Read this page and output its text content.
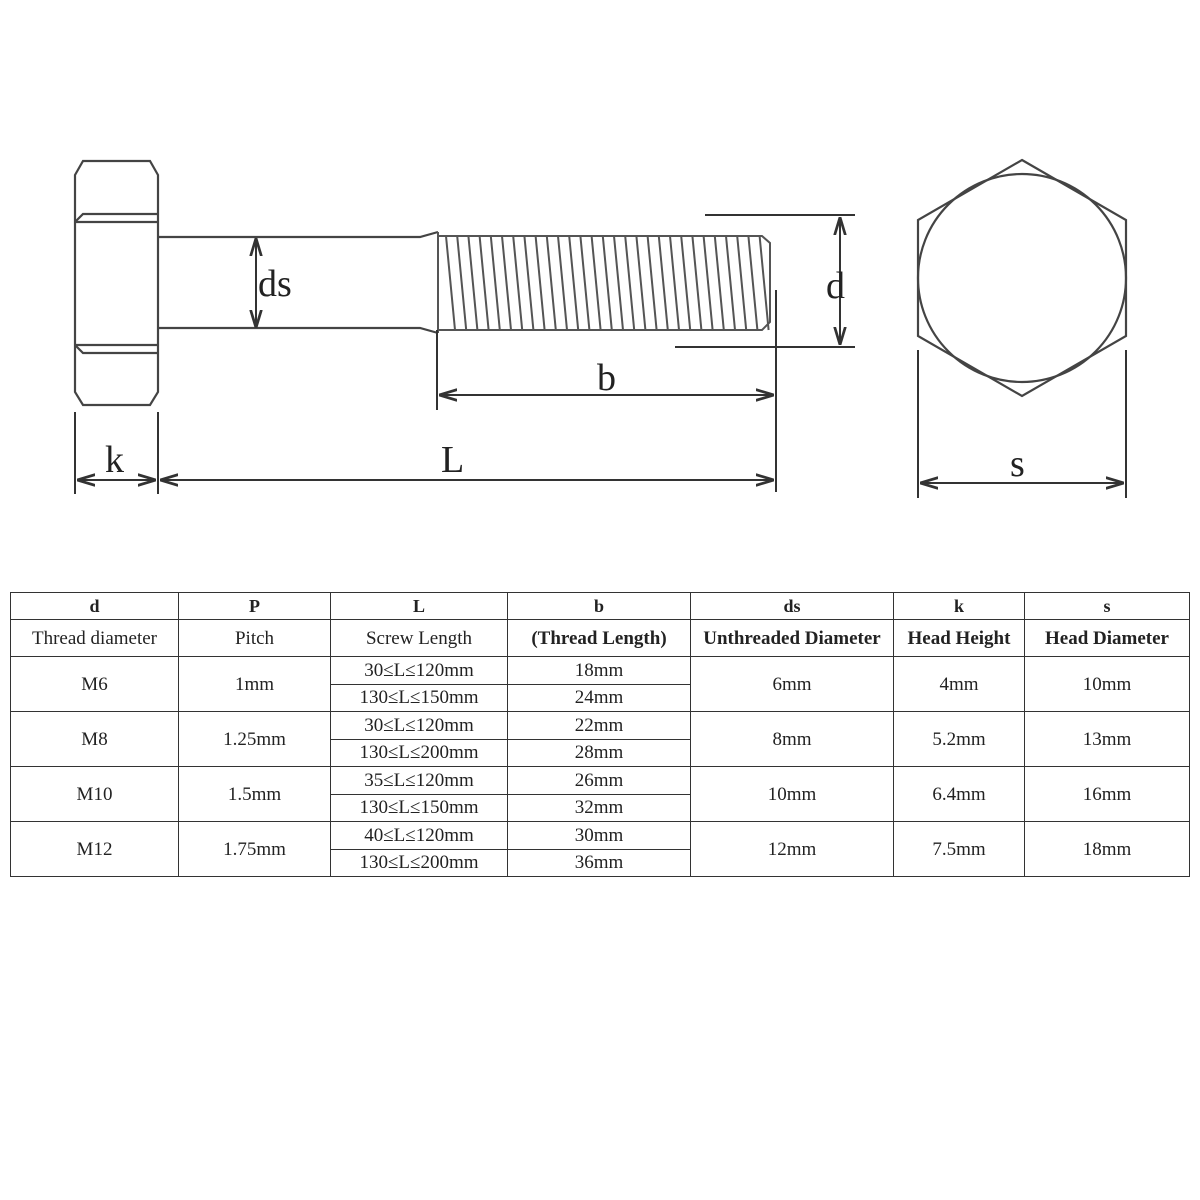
ds	d
b
k	L	s
d	P	L	b	ds	k	s
Thread diameter	Pitch	Screw Length	(Thread Length)	Unthreaded Diameter	Head Height	Head Diameter
M6	1mm	30≤L≤120mm	18mm	6mm	4mm	10mm
		130≤L≤150mm	24mm			
M8	1.25mm	30≤L≤120mm	22mm	8mm	5.2mm	13mm
		130≤L≤200mm	28mm			
M10	1.5mm	35≤L≤120mm	26mm	10mm	6.4mm	16mm
		130≤L≤150mm	32mm			
M12	1.75mm	40≤L≤120mm	30mm	12mm	7.5mm	18mm
		130≤L≤200mm	36mm			
